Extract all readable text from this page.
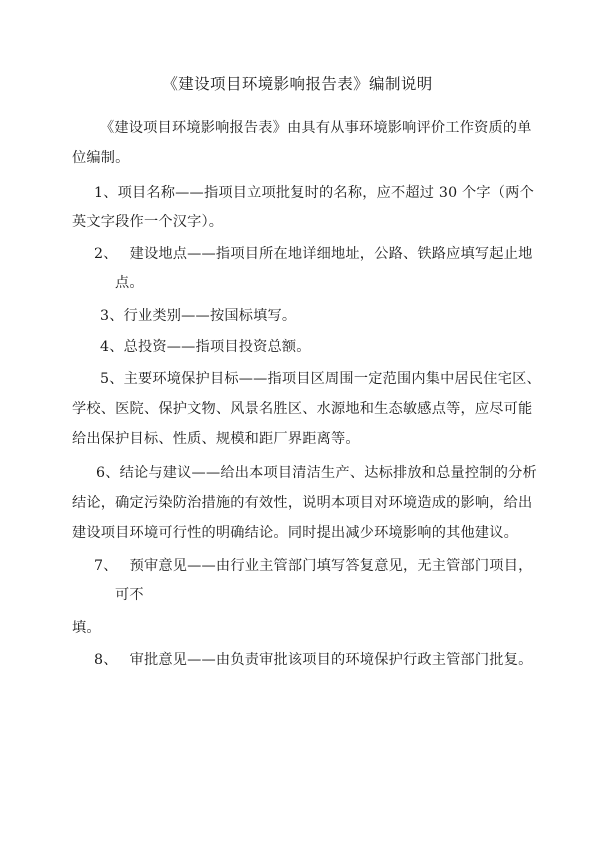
《建设项目环境影响报告表》编制说明
《建设项目环境影响报告表》由具有从事环境影响评价工作资质的单
位编制。
1、项目名称——指项目立项批复时的名称，应不超过 30 个字（两个
英文字段作一个汉字）。
2、　 建设地点——指项目所在地详细地址，公路、铁路应填写起止地
点。
3、行业类别——按国标填写。
4、总投资——指项目投资总额。
5、主要环境保护目标——指项目区周围一定范围内集中居民住宅区、
学校、医院、保护文物、风景名胜区、水源地和生态敏感点等，应尽可能
给出保护目标、性质、规模和距厂界距离等。
6、结论与建议——给出本项目清洁生产、达标排放和总量控制的分析
结论，确定污染防治措施的有效性，说明本项目对环境造成的影响，给出
建设项目环境可行性的明确结论。同时提出减少环境影响的其他建议。
7、　 预审意见——由行业主管部门填写答复意见，无主管部门项目，
可不
填。
8、　 审批意见——由负责审批该项目的环境保护行政主管部门批复。
